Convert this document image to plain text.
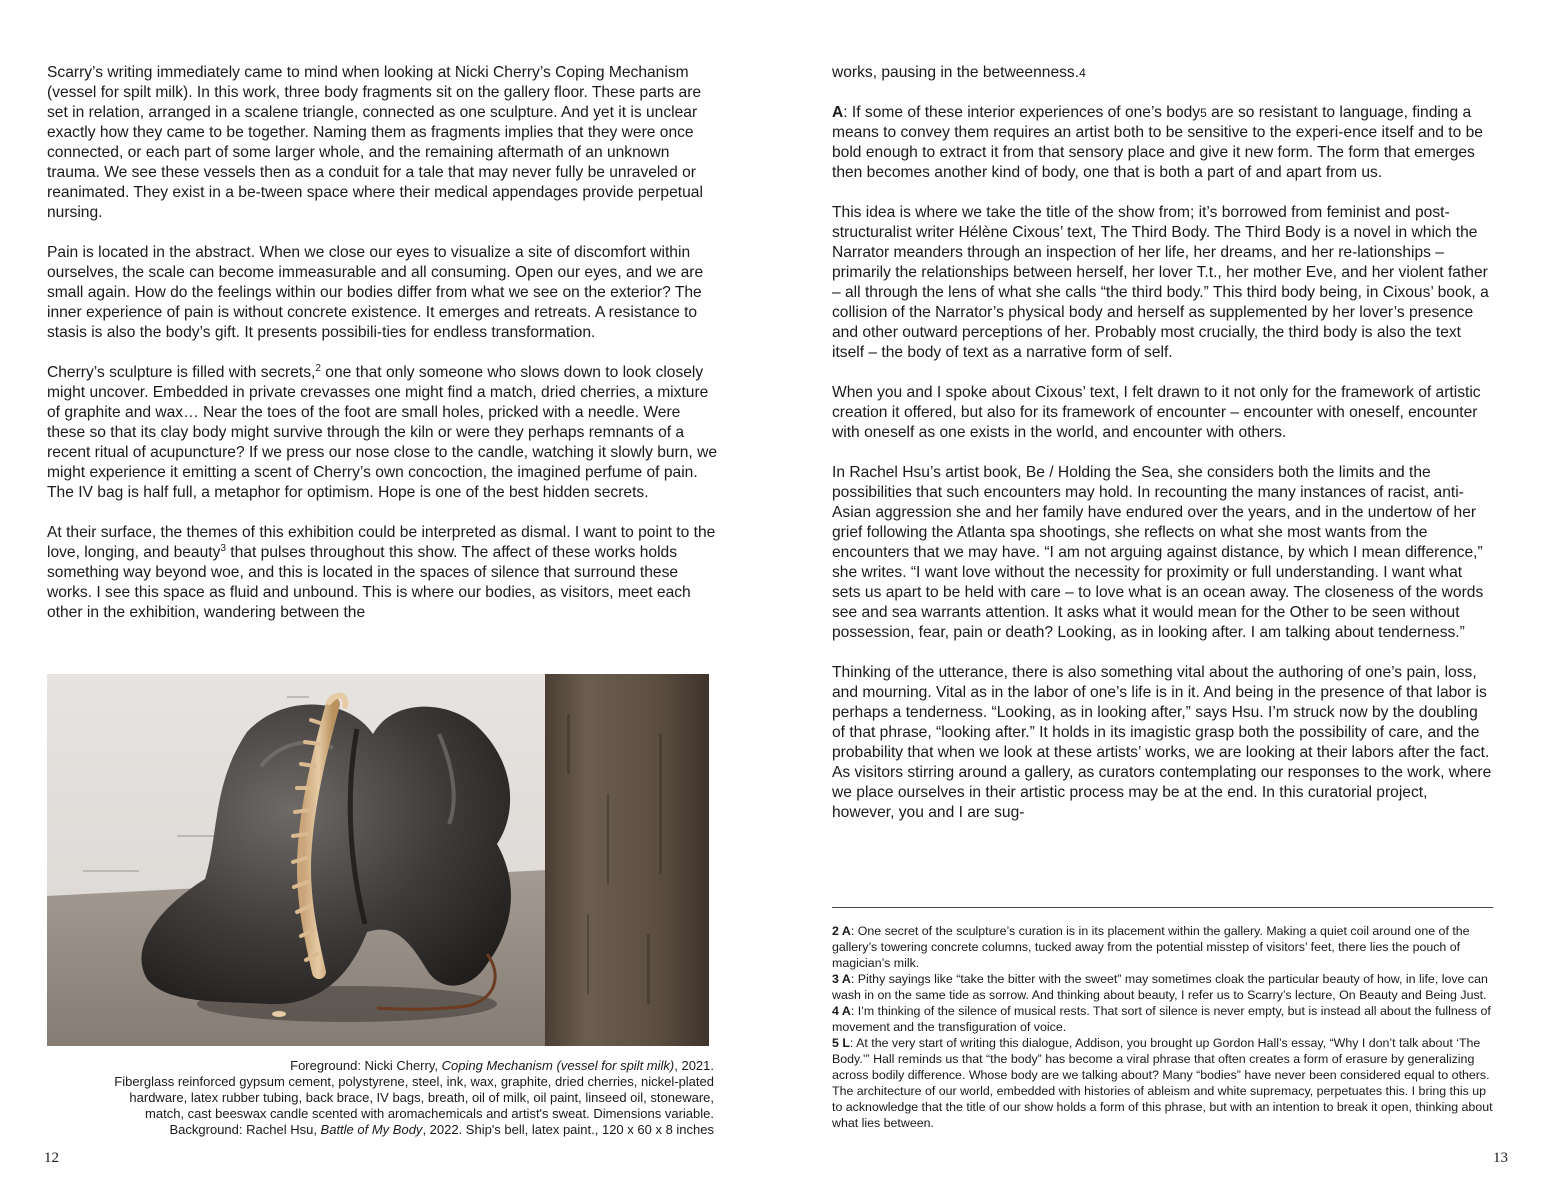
Scarry’s writing immediately came to mind when looking at Nicki Cherry’s Coping Mechanism (vessel for spilt milk). In this work, three body fragments sit on the gallery floor. These parts are set in relation, arranged in a scalene triangle, connected as one sculpture. And yet it is unclear exactly how they came to be together. Naming them as fragments implies that they were once connected, or each part of some larger whole, and the remaining aftermath of an unknown trauma. We see these vessels then as a conduit for a tale that may never fully be unraveled or reanimated. They exist in a be-tween space where their medical appendages provide perpetual nursing.

Pain is located in the abstract. When we close our eyes to visualize a site of discomfort within ourselves, the scale can become immeasurable and all consuming. Open our eyes, and we are small again. How do the feelings within our bodies differ from what we see on the exterior? The inner experience of pain is without concrete existence. It emerges and retreats. A resistance to stasis is also the body’s gift. It presents possibili-ties for endless transformation.

Cherry’s sculpture is filled with secrets,$^2$ one that only someone who slows down to look closely might uncover. Embedded in private crevasses one might find a match, dried cherries, a mixture of graphite and wax… Near the toes of the foot are small holes, pricked with a needle. Were these so that its clay body might survive through the kiln or were they perhaps remnants of a recent ritual of acupuncture? If we press our nose close to the candle, watching it slowly burn, we might experience it emitting a scent of Cherry’s own concoction, the imagined perfume of pain. The IV bag is half full, a metaphor for optimism. Hope is one of the best hidden secrets.

At their surface, the themes of this exhibition could be interpreted as dismal. I want to point to the love, longing, and beauty$^3$ that pulses throughout this show. The affect of these works holds something way beyond woe, and this is located in the spaces of silence that surround these works. I see this space as fluid and unbound. This is where our bodies, as visitors, meet each other in the exhibition, wandering between the

Foreground: Nicki Cherry, Coping Mechanism (vessel for spilt milk), 2021.
Fiberglass reinforced gypsum cement, polystyrene, steel, ink, wax, graphite, dried cherries, nickel-plated
hardware, latex rubber tubing, back brace, IV bags, breath, oil of milk, oil paint, linseed oil, stoneware,
match, cast beeswax candle scented with aromachemicals and artist's sweat. Dimensions variable.
Background: Rachel Hsu, Battle of My Body, 2022. Ship's bell, latex paint., 120 x 60 x 8 inches
12

works, pausing in the betweenness.4

A: If some of these interior experiences of one’s body5 are so resistant to language, finding a means to convey them requires an artist both to be sensitive to the experi-ence itself and to be bold enough to extract it from that sensory place and give it new form. The form that emerges then becomes another kind of body, one that is both a part of and apart from us.

This idea is where we take the title of the show from; it’s borrowed from feminist and post-structuralist writer Hélène Cixous’ text, The Third Body. The Third Body is a novel in which the Narrator meanders through an inspection of her life, her dreams, and her re-lationships – primarily the relationships between herself, her lover T.t., her mother Eve, and her violent father – all through the lens of what she calls “the third body.” This third body being, in Cixous’ book, a collision of the Narrator’s physical body and herself as supplemented by her lover’s presence and other outward perceptions of her. Probably most crucially, the third body is also the text itself – the body of text as a narrative form of self.

When you and I spoke about Cixous’ text, I felt drawn to it not only for the framework of artistic creation it offered, but also for its framework of encounter – encounter with oneself, encounter with oneself as one exists in the world, and encounter with others.

In Rachel Hsu’s artist book, Be / Holding the Sea, she considers both the limits and the possibilities that such encounters may hold. In recounting the many instances of racist, anti-Asian aggression she and her family have endured over the years, and in the undertow of her grief following the Atlanta spa shootings, she reflects on what she most wants from the encounters that we may have. “I am not arguing against distance, by which I mean difference,” she writes. “I want love without the necessity for proximity or full understanding. I want what sets us apart to be held with care – to love what is an ocean away. The closeness of the words see and sea warrants attention. It asks what it would mean for the Other to be seen without possession, fear, pain or death? Looking, as in looking after. I am talking about tenderness.”

Thinking of the utterance, there is also something vital about the authoring of one’s pain, loss, and mourning. Vital as in the labor of one’s life is in it. And being in the presence of that labor is perhaps a tenderness. “Looking, as in looking after,” says Hsu. I’m struck now by the doubling of that phrase, “looking after.” It holds in its imagistic grasp both the possibility of care, and the probability that when we look at these artists’ works, we are looking at their labors after the fact. As visitors stirring around a gallery, as curators contemplating our responses to the work, where we place ourselves in their artistic process may be at the end. In this curatorial project, however, you and I are sug-

2 A: One secret of the sculpture’s curation is in its placement within the gallery. Making a quiet coil around one of the gallery’s towering concrete columns, tucked away from the potential misstep of visitors’ feet, there lies the pouch of magician’s milk.

3 A: Pithy sayings like “take the bitter with the sweet” may sometimes cloak the particular beauty of how, in life, love can wash in on the same tide as sorrow. And thinking about beauty, I refer us to Scarry’s lecture, On Beauty and Being Just.

4 A: I’m thinking of the silence of musical rests. That sort of silence is never empty, but is instead all about the fullness of movement and the transfiguration of voice.

5 L: At the very start of writing this dialogue, Addison, you brought up Gordon Hall’s essay, “Why I don’t talk about ‘The Body.’” Hall reminds us that “the body” has become a viral phrase that often creates a form of erasure by generalizing across bodily difference. Whose body are we talking about? Many “bodies” have never been considered equal to others. The architecture of our world, embedded with histories of ableism and white supremacy, perpetuates this. I bring this up to acknowledge that the title of our show holds a form of this phrase, but with an intention to break it open, thinking about what lies between.

13
